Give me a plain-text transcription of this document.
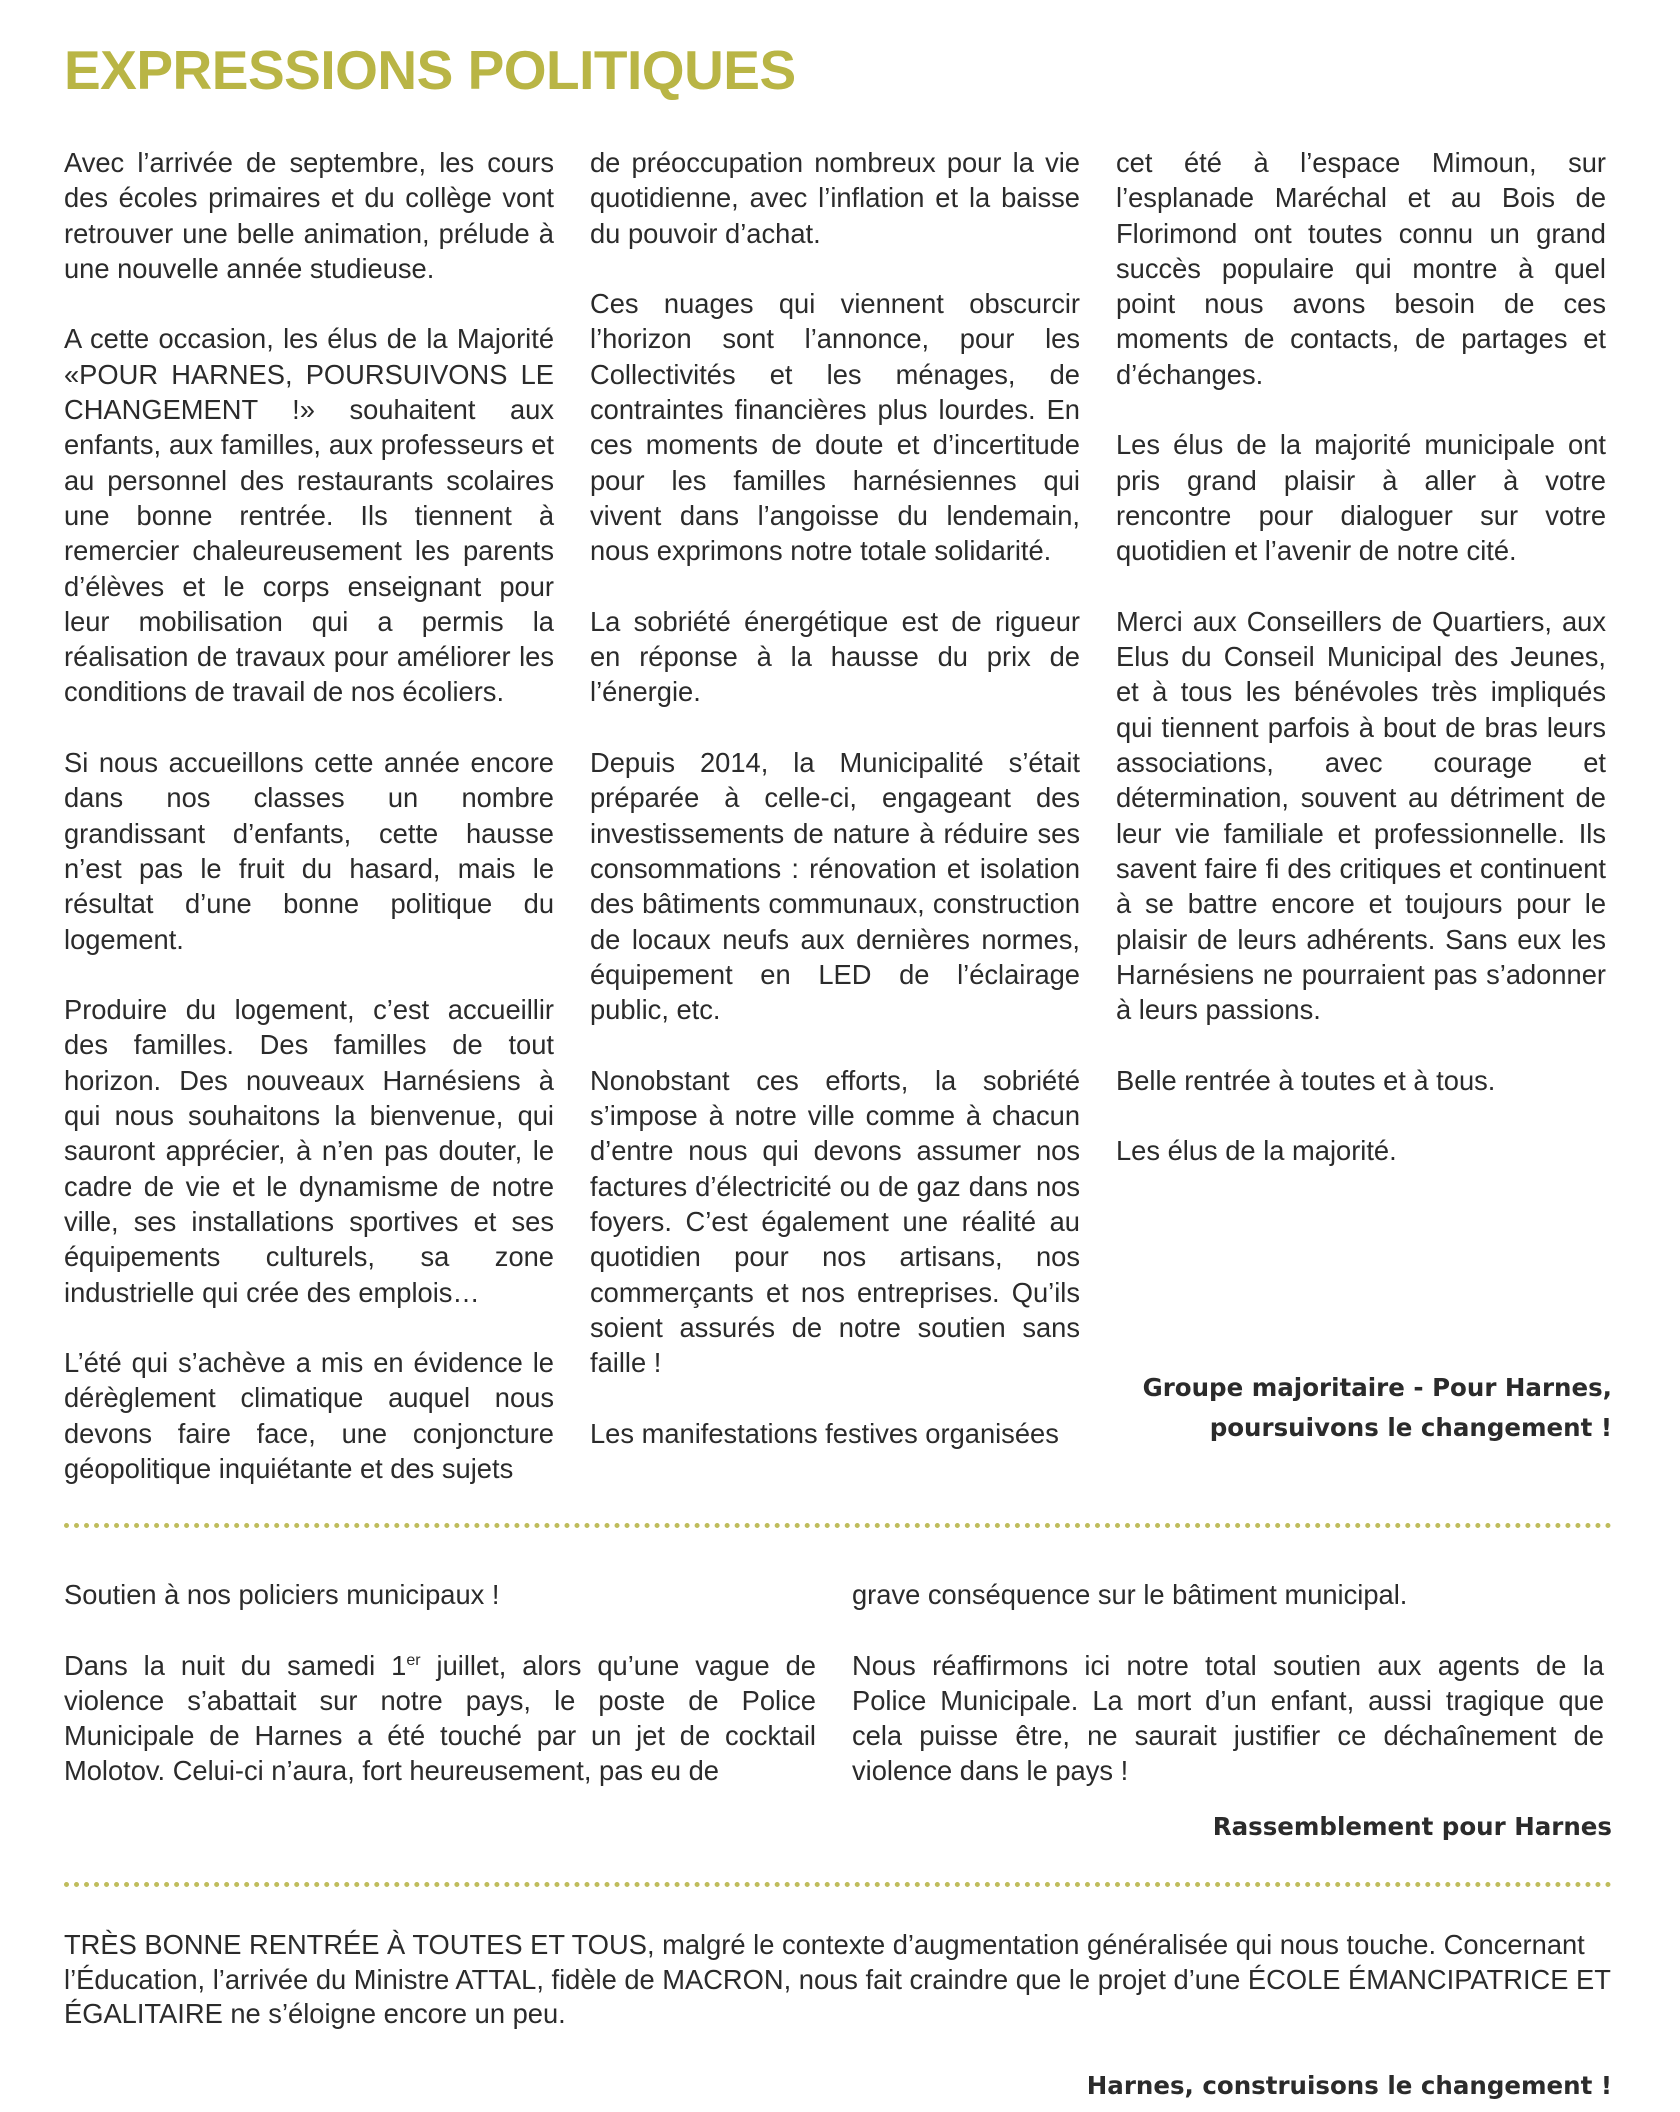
EXPRESSIONS POLITIQUES

Avec l’arrivée de septembre, les cours des écoles primaires et du collège vont retrouver une belle animation, prélude à une nouvelle année studieuse.

A cette occasion, les élus de la Majorité «POUR HARNES, POURSUIVONS LE CHANGEMENT !» souhaitent aux enfants, aux familles, aux professeurs et au personnel des restaurants scolaires une bonne rentrée. Ils tiennent à remercier chaleureusement les parents d’élèves et le corps enseignant pour leur mobilisation qui a permis la réalisation de travaux pour améliorer les conditions de travail de nos écoliers.

Si nous accueillons cette année encore dans nos classes un nombre grandissant d’enfants, cette hausse n’est pas le fruit du hasard, mais le résultat d’une bonne politique du logement.

Produire du logement, c’est accueillir des familles. Des familles de tout horizon. Des nouveaux Harnésiens à qui nous souhaitons la bienvenue, qui sauront apprécier, à n’en pas douter, le cadre de vie et le dynamisme de notre ville, ses installations sportives et ses équipements culturels, sa zone industrielle qui crée des emplois…

L’été qui s’achève a mis en évidence le dérèglement climatique auquel nous devons faire face, une conjoncture géopolitique inquiétante et des sujets

de préoccupation nombreux pour la vie quotidienne, avec l’inflation et la baisse du pouvoir d’achat.

Ces nuages qui viennent obscurcir l’horizon sont l’annonce, pour les Collectivités et les ménages, de contraintes financières plus lourdes. En ces moments de doute et d’incertitude pour les familles harnésiennes qui vivent dans l’angoisse du lendemain, nous exprimons notre totale solidarité.

La sobriété énergétique est de rigueur en réponse à la hausse du prix de l’énergie.

Depuis 2014, la Municipalité s’était préparée à celle-ci, engageant des investissements de nature à réduire ses consommations : rénovation et isolation des bâtiments communaux, construction de locaux neufs aux dernières normes, équipement en LED de l’éclairage public, etc.

Nonobstant ces efforts, la sobriété s’impose à notre ville comme à chacun d’entre nous qui devons assumer nos factures d’électricité ou de gaz dans nos foyers. C’est également une réalité au quotidien pour nos artisans, nos commerçants et nos entreprises. Qu’ils soient assurés de notre soutien sans faille !

Les manifestations festives organisées

cet été à l’espace Mimoun, sur l’esplanade Maréchal et au Bois de Florimond ont toutes connu un grand succès populaire qui montre à quel point nous avons besoin de ces moments de contacts, de partages et d’échanges.

Les élus de la majorité municipale ont pris grand plaisir à aller à votre rencontre pour dialoguer sur votre quotidien et l’avenir de notre cité.

Merci aux Conseillers de Quartiers, aux Elus du Conseil Municipal des Jeunes, et à tous les bénévoles très impliqués qui tiennent parfois à bout de bras leurs associations, avec courage et détermination, souvent au détriment de leur vie familiale et professionnelle. Ils savent faire fi des critiques et continuent à se battre encore et toujours pour le plaisir de leurs adhérents. Sans eux les Harnésiens ne pourraient pas s’adonner à leurs passions.

Belle rentrée à toutes et à tous.

Les élus de la majorité.

Groupe majoritaire - Pour Harnes,
poursuivons le changement !

Soutien à nos policiers municipaux !

Dans la nuit du samedi 1er juillet, alors qu’une vague de violence s’abattait sur notre pays, le poste de Police Municipale de Harnes a été touché par un jet de cocktail Molotov. Celui-ci n’aura, fort heureusement, pas eu de

grave conséquence sur le bâtiment municipal.

Nous réaffirmons ici notre total soutien aux agents de la Police Municipale. La mort d’un enfant, aussi tragique que cela puisse être, ne saurait justifier ce déchaînement de violence dans le pays !

Rassemblement pour Harnes

TRÈS BONNE RENTRÉE À TOUTES ET TOUS, malgré le contexte d’augmentation généralisée qui nous touche. Concernant l’Éducation, l’arrivée du Ministre ATTAL, fidèle de MACRON, nous fait craindre que le projet d’une ÉCOLE ÉMANCIPATRICE ET ÉGALITAIRE ne s’éloigne encore un peu.

Harnes, construisons le changement !
